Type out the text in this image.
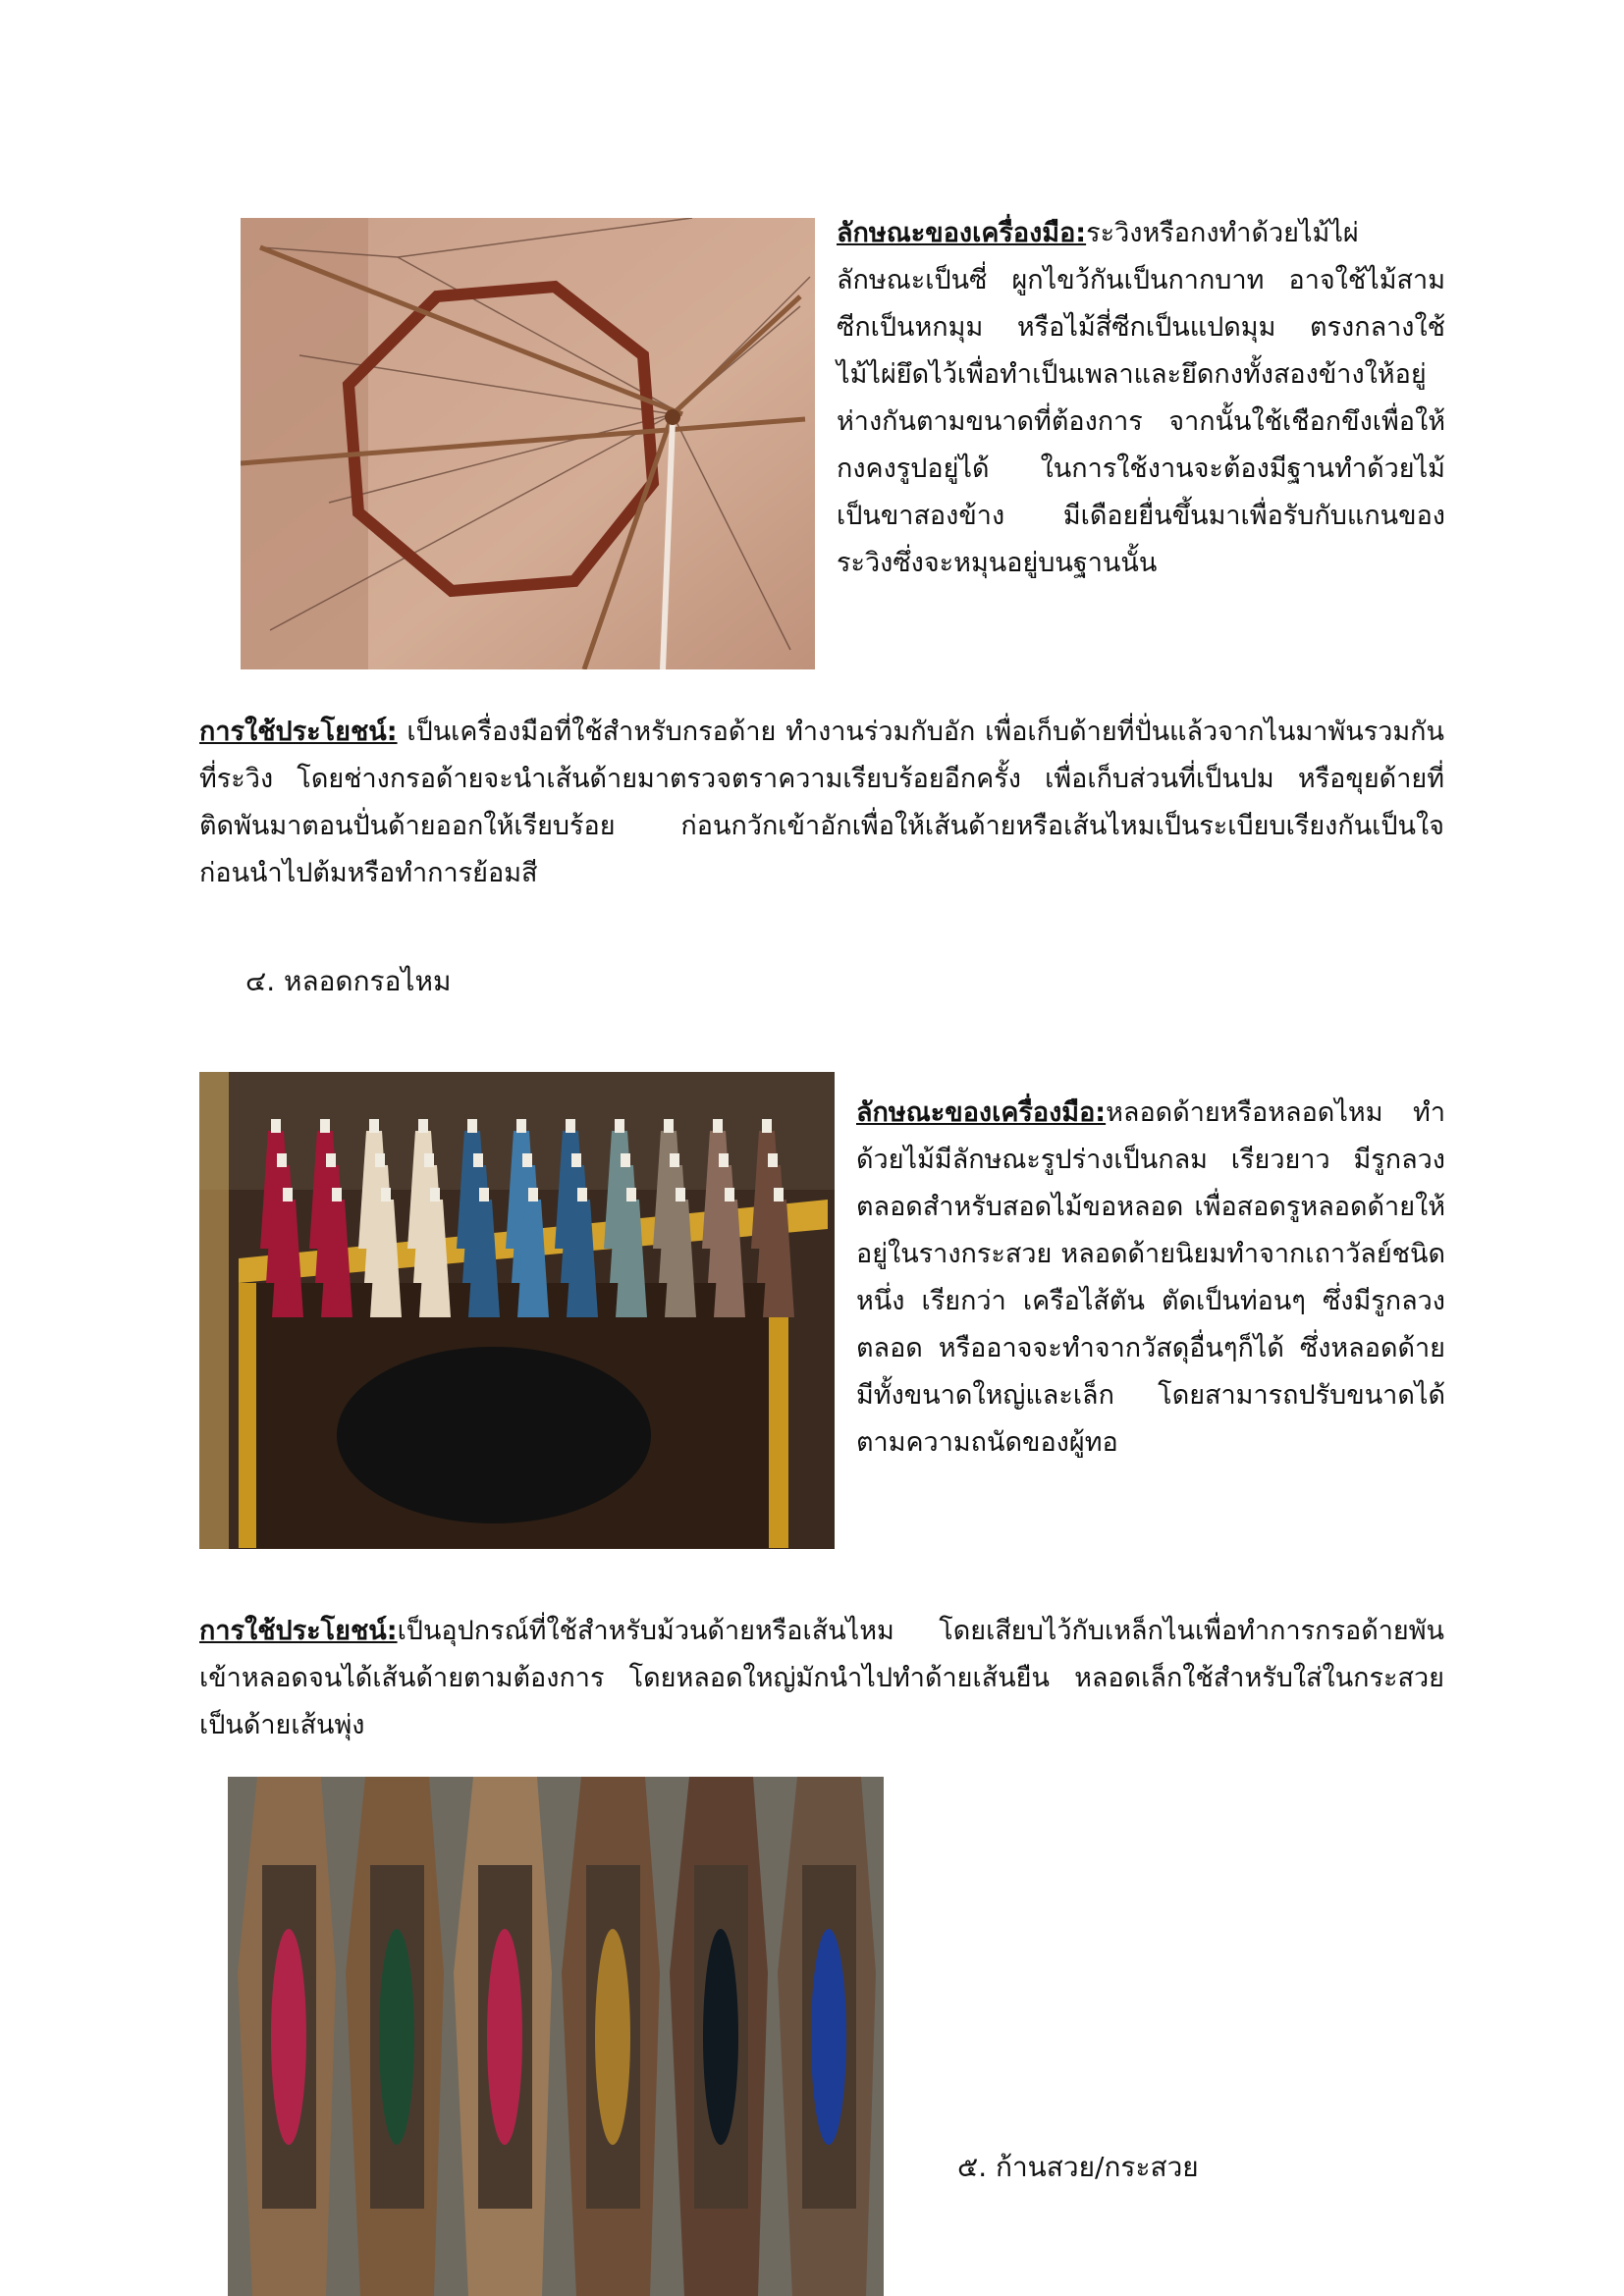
ลักษณะของเครื่องมือ:ระวิงหรือกงทำด้วยไม้ไผ่ลักษณะเป็นซี่ ผูกไขว้กันเป็นกากบาท อาจใช้ไม้สามซีกเป็นหกมุม หรือไม้สี่ซีกเป็นแปดมุม ตรงกลางใช้ไม้ไผ่ยึดไว้เพื่อทำเป็นเพลาและยึดกงทั้งสองข้างให้อยู่ห่างกันตามขนาดที่ต้องการ จากนั้นใช้เชือกขึงเพื่อให้กงคงรูปอยู่ได้ ในการใช้งานจะต้องมีฐานทำด้วยไม้เป็นขาสองข้าง มีเดือยยื่นขึ้นมาเพื่อรับกับแกนของระวิงซึ่งจะหมุนอยู่บนฐานนั้น

การใช้ประโยชน์: เป็นเครื่องมือที่ใช้สำหรับกรอด้าย ทำงานร่วมกับอัก เพื่อเก็บด้ายที่ปั่นแล้วจากไนมาพันรวมกันที่ระวิง โดยช่างกรอด้ายจะนำเส้นด้ายมาตรวจตราความเรียบร้อยอีกครั้ง เพื่อเก็บส่วนที่เป็นปม หรือขุยด้ายที่ติดพันมาตอนปั่นด้ายออกให้เรียบร้อย ก่อนกวักเข้าอักเพื่อให้เส้นด้ายหรือเส้นไหมเป็นระเบียบเรียงกันเป็นใจ ก่อนนำไปต้มหรือทำการย้อมสี

๔. หลอดกรอไหม

ลักษณะของเครื่องมือ:หลอดด้ายหรือหลอดไหม ทำด้วยไม้มีลักษณะรูปร่างเป็นกลม เรียวยาว มีรูกลวงตลอดสำหรับสอดไม้ขอหลอด เพื่อสอดรูหลอดด้ายให้อยู่ในรางกระสวย หลอดด้ายนิยมทำจากเถาวัลย์ชนิดหนึ่ง เรียกว่า เครือไส้ตัน ตัดเป็นท่อนๆ ซึ่งมีรูกลวงตลอด หรืออาจจะทำจากวัสดุอื่นๆก็ได้ ซึ่งหลอดด้ายมีทั้งขนาดใหญ่และเล็ก โดยสามารถปรับขนาดได้ตามความถนัดของผู้ทอ

การใช้ประโยชน์:เป็นอุปกรณ์ที่ใช้สำหรับม้วนด้ายหรือเส้นไหม โดยเสียบไว้กับเหล็กไนเพื่อทำการกรอด้ายพันเข้าหลอดจนได้เส้นด้ายตามต้องการ โดยหลอดใหญ่มักนำไปทำด้ายเส้นยืน หลอดเล็กใช้สำหรับใส่ในกระสวยเป็นด้ายเส้นพุ่ง

๕. ก้านสวย/กระสวย
